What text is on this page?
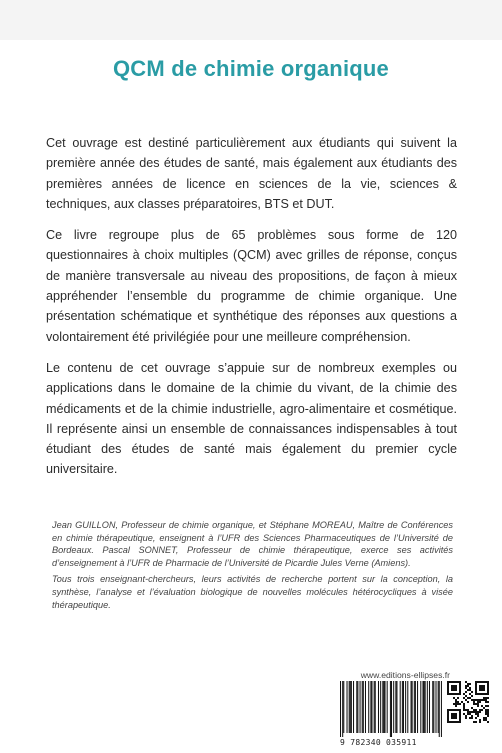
QCM de chimie organique

Cet ouvrage est destiné particulièrement aux étudiants qui suivent la première année des études de santé, mais également aux étudiants des premières années de licence en sciences de la vie, sciences & techniques, aux classes préparatoires, BTS et DUT.

Ce livre regroupe plus de 65 problèmes sous forme de 120 questionnaires à choix multiples (QCM) avec grilles de réponse, conçus de manière transversale au niveau des propositions, de façon à mieux appréhender l’ensemble du programme de chimie organique. Une présentation schématique et synthétique des réponses aux questions a volontairement été privilégiée pour une meilleure compréhension.

Le contenu de cet ouvrage s’appuie sur de nombreux exemples ou applications dans le domaine de la chimie du vivant, de la chimie des médicaments et de la chimie industrielle, agro-alimentaire et cosmétique. Il représente ainsi un ensemble de connaissances indispensables à tout étudiant des études de santé mais également du premier cycle universitaire.

Jean GUILLON, Professeur de chimie organique, et Stéphane MOREAU, Maître de Conférences en chimie thérapeutique, enseignent à l’UFR des Sciences Pharmaceutiques de l’Université de Bordeaux. Pascal SONNET, Professeur de chimie thérapeutique, exerce ses activités d’enseignement à l’UFR de Pharmacie de l’Université de Picardie Jules Verne (Amiens).

Tous trois enseignant-chercheurs, leurs activités de recherche portent sur la conception, la synthèse, l’analyse et l’évaluation biologique de nouvelles molécules hétérocycliques à visée thérapeutique.

www.editions-ellipses.fr
9 782340 035911
